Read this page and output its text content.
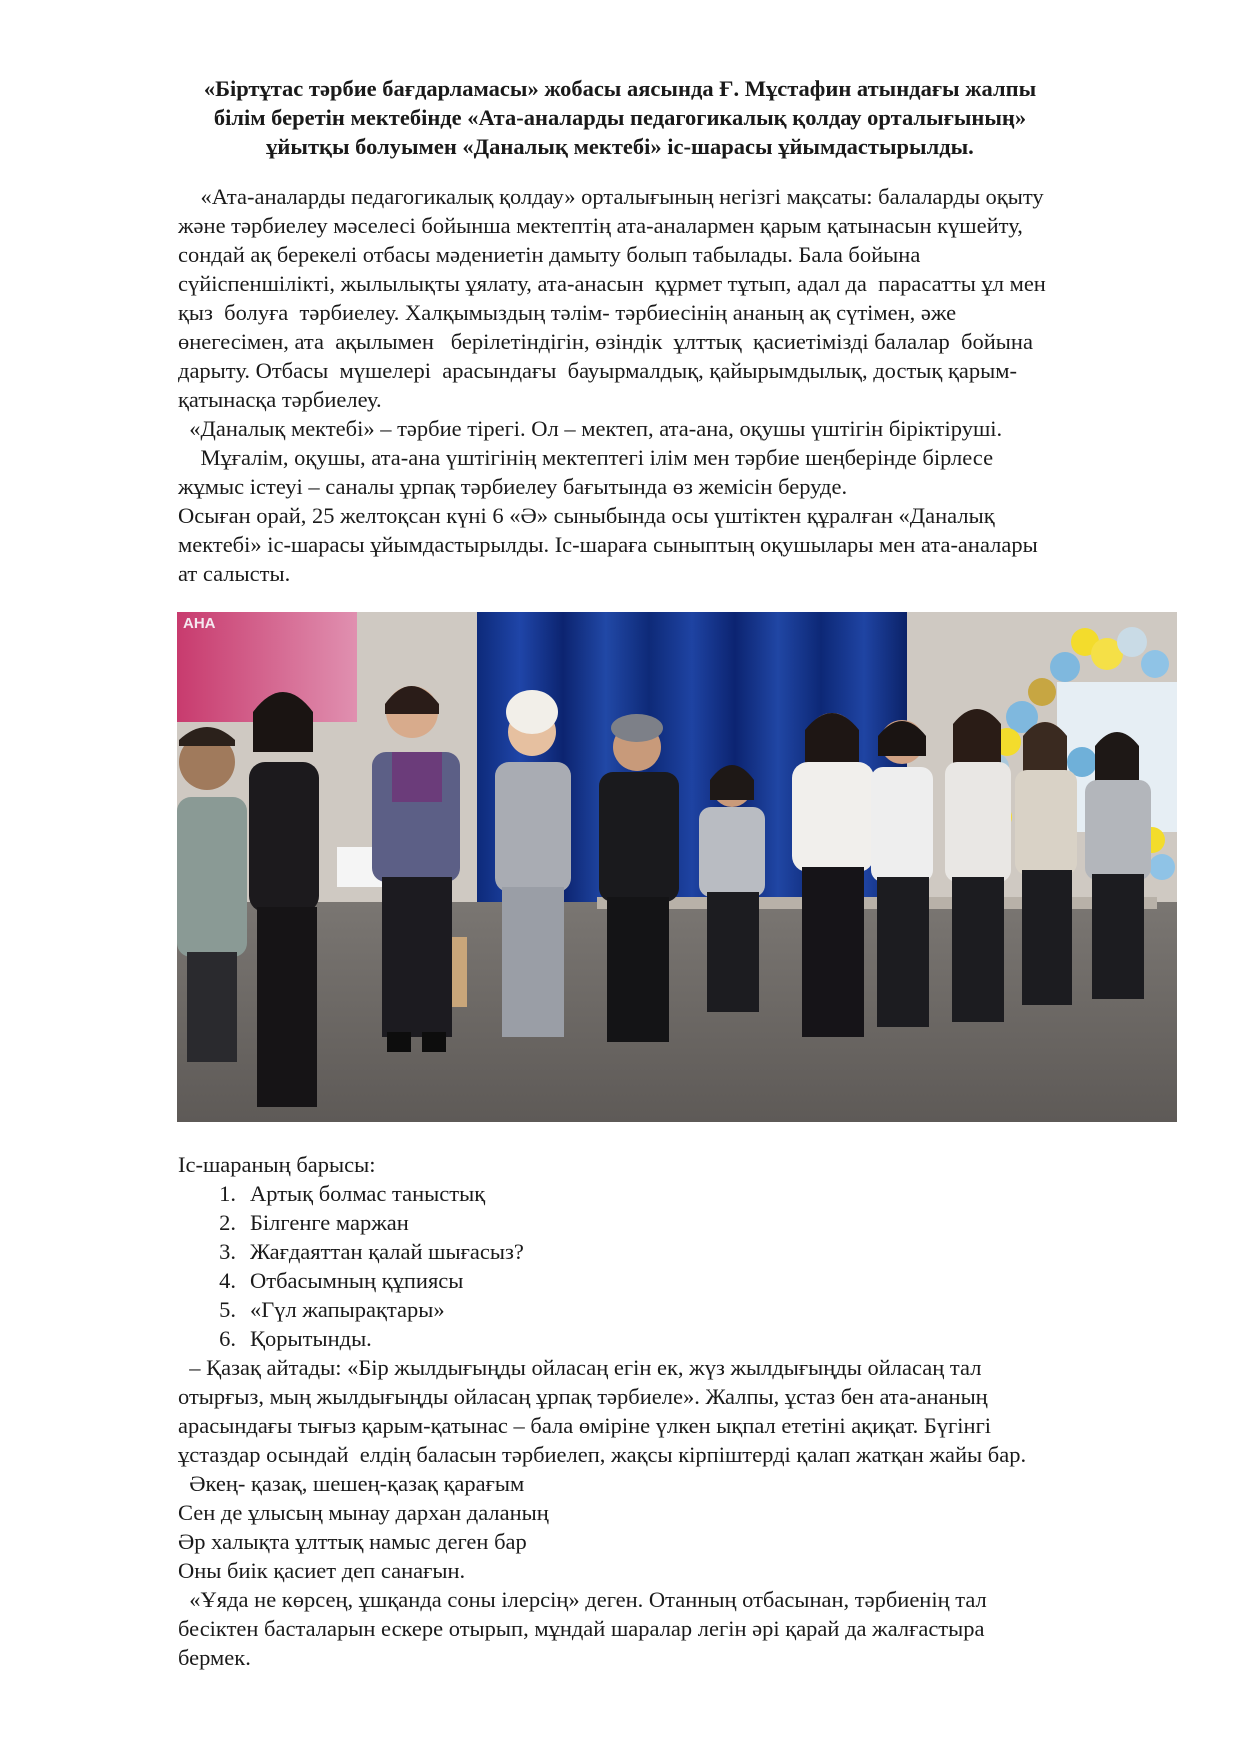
«Біртұтас тәрбие бағдарламасы» жобасы аясында Ғ. Мұстафин атындағы жалпы
білім беретін мектебінде «Ата-аналарды педагогикалық қолдау орталығының»
ұйытқы болуымен «Даналық мектебі» іс-шарасы ұйымдастырылды.
«Ата-аналарды педагогикалық қолдау» орталығының негізгі мақсаты: балаларды оқыту
және тәрбиелеу мәселесі бойынша мектептің ата-аналармен қарым қатынасын күшейту,
сондай ақ берекелі отбасы мәдениетін дамыту болып табылады. Бала бойына
сүйіспеншілікті, жылылықты ұялату, ата-анасын  құрмет тұтып, адал да  парасатты ұл мен
қыз  болуға  тәрбиелеу. Халқымыздың тәлім- тәрбиесінің ананың ақ сүтімен, әже
өнегесімен, ата  ақылымен   берілетіндігін, өзіндік  ұлттық  қасиетімізді балалар  бойына
дарыту. Отбасы  мүшелері  арасындағы  бауырмалдық, қайырымдылық, достық қарым-
қатынасқа тәрбиелеу.
«Даналық мектебі» – тәрбие тірегі. Ол – мектеп, ата-ана, оқушы үштігін біріктіруші.
Мұғалім, оқушы, ата-ана үштігінің мектептегі ілім мен тәрбие шеңберінде бірлесе
жұмыс істеуі – саналы ұрпақ тәрбиелеу бағытында өз жемісін беруде.
Осыған орай, 25 желтоқсан күні 6 «Ә» сыныбында осы үштіктен құралған «Даналық
мектебі» іс-шарасы ұйымдастырылды. Іс-шараға сыныптың оқушылары мен ата-аналары
ат салысты.
АНА
Іс-шараның барысы:
1. Артық болмас таныстық
2. Білгенге маржан
3. Жағдаяттан қалай шығасыз?
4. Отбасымның құпиясы
5. «Гүл жапырақтары»
6. Қорытынды.
– Қазақ айтады: «Бір жылдығыңды ойласаң егін ек, жүз жылдығыңды ойласаң тал
отырғыз, мың жылдығыңды ойласаң ұрпақ тәрбиеле». Жалпы, ұстаз бен ата-ананың
арасындағы тығыз қарым-қатынас – бала өміріне үлкен ықпал ететіні ақиқат. Бүгінгі
ұстаздар осындай  елдің баласын тәрбиелеп, жақсы кірпіштерді қалап жатқан жайы бар.
Әкең- қазақ, шешең-қазақ қарағым
Сен де ұлысың мынау дархан даланың
Әр халықта ұлттық намыс деген бар
Оны биік қасиет деп санағын.
«Ұяда не көрсең, ұшқанда соны ілерсің» деген. Отанның отбасынан, тәрбиенің тал
бесіктен басталарын ескере отырып, мұндай шаралар легін әрі қарай да жалғастыра
бермек.
